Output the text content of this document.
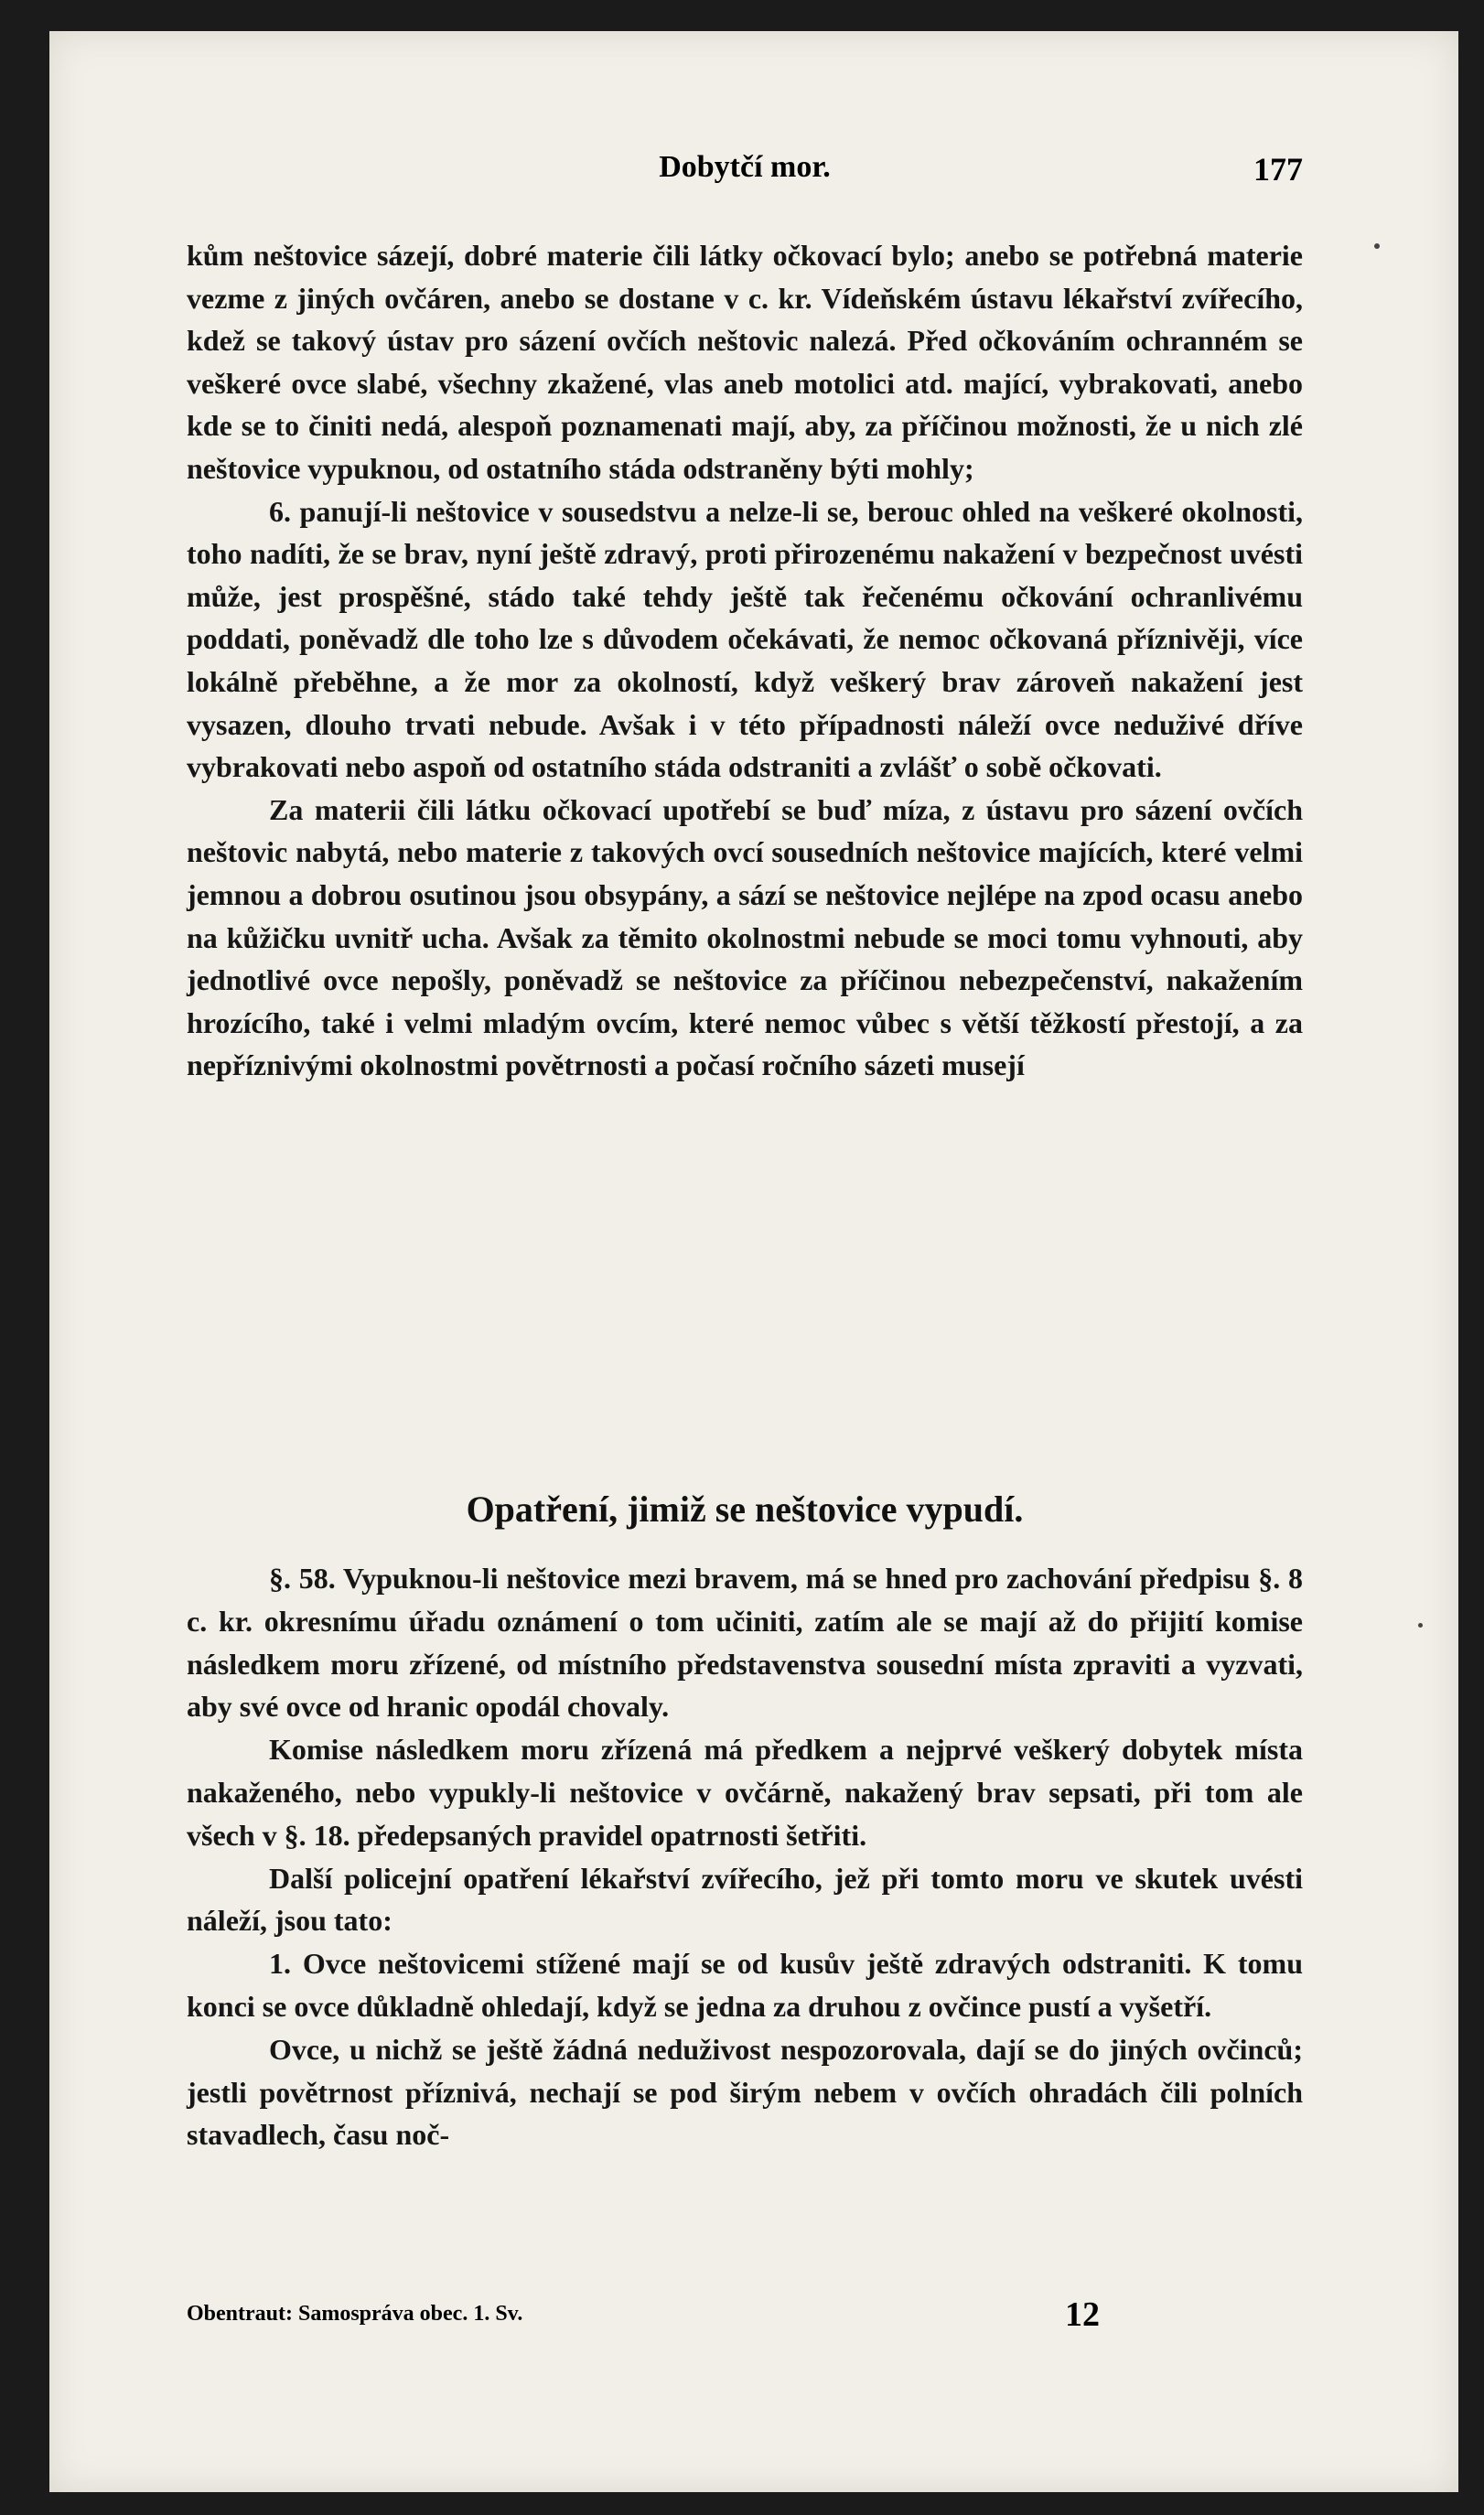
Dobytčí mor.	177

kům neštovice sázejí, dobré materie čili látky očkovací bylo; anebo se potřebná materie vezme z jiných ovčáren, anebo se dostane v c. kr. Vídeňském ústavu lékařství zvířecího, kdež se takový ústav pro sázení ovčích neštovic nalezá. Před očkováním ochranném se veškeré ovce slabé, všechny zkažené, vlas aneb motolici atd. mající, vybrakovati, anebo kde se to činiti nedá, alespoň poznamenati mají, aby, za příčinou možnosti, že u nich zlé neštovice vypuknou, od ostatního stáda odstraněny býti mohly;

6. panují-li neštovice v sousedstvu a nelze-li se, berouc ohled na veškeré okolnosti, toho nadíti, že se brav, nyní ještě zdravý, proti přirozenému nakažení v bezpečnost uvésti může, jest prospěšné, stádo také tehdy ještě tak řečenému očkování ochranlivému poddati, poněvadž dle toho lze s důvodem očekávati, že nemoc očkovaná příznivěji, více lokálně přeběhne, a že mor za okolností, když veškerý brav zároveň nakažení jest vysazen, dlouho trvati nebude. Avšak i v této případnosti náleží ovce neduživé dříve vybrakovati nebo aspoň od ostatního stáda odstraniti a zvlášť o sobě očkovati.

Za materii čili látku očkovací upotřebí se buď míza, z ústavu pro sázení ovčích neštovic nabytá, nebo materie z takových ovcí sousedních neštovice majících, které velmi jemnou a dobrou osutinou jsou obsypány, a sází se neštovice nejlépe na zpod ocasu anebo na kůžičku uvnitř ucha. Avšak za těmito okolnostmi nebude se moci tomu vyhnouti, aby jednotlivé ovce nepošly, poněvadž se neštovice za příčinou nebezpečenství, nakažením hrozícího, také i velmi mladým ovcím, které nemoc vůbec s větší těžkostí přestojí, a za nepříznivými okolnostmi povětrnosti a počasí ročního sázeti musejí

Opatření, jimiž se neštovice vypudí.

§. 58. Vypuknou-li neštovice mezi bravem, má se hned pro zachování předpisu §. 8 c. kr. okresnímu úřadu oznámení o tom učiniti, zatím ale se mají až do přijití komise následkem moru zřízené, od místního představenstva sousední místa zpraviti a vyzvati, aby své ovce od hranic opodál chovaly.

Komise následkem moru zřízená má předkem a nejprvé veškerý dobytek místa nakaženého, nebo vypukly-li neštovice v ovčárně, nakažený brav sepsati, při tom ale všech v §. 18. předepsaných pravidel opatrnosti šetřiti.

Další policejní opatření lékařství zvířecího, jež při tomto moru ve skutek uvésti náleží, jsou tato:

1. Ovce neštovicemi stížené mají se od kusův ještě zdravých odstraniti. K tomu konci se ovce důkladně ohledají, když se jedna za druhou z ovčince pustí a vyšetří.

Ovce, u nichž se ještě žádná neduživost nespozorovala, dají se do jiných ovčinců; jestli povětrnost příznivá, nechají se pod širým nebem v ovčích ohradách čili polních stavadlech, času noč-

Obentraut: Samospráva obec. 1. Sv.	12
